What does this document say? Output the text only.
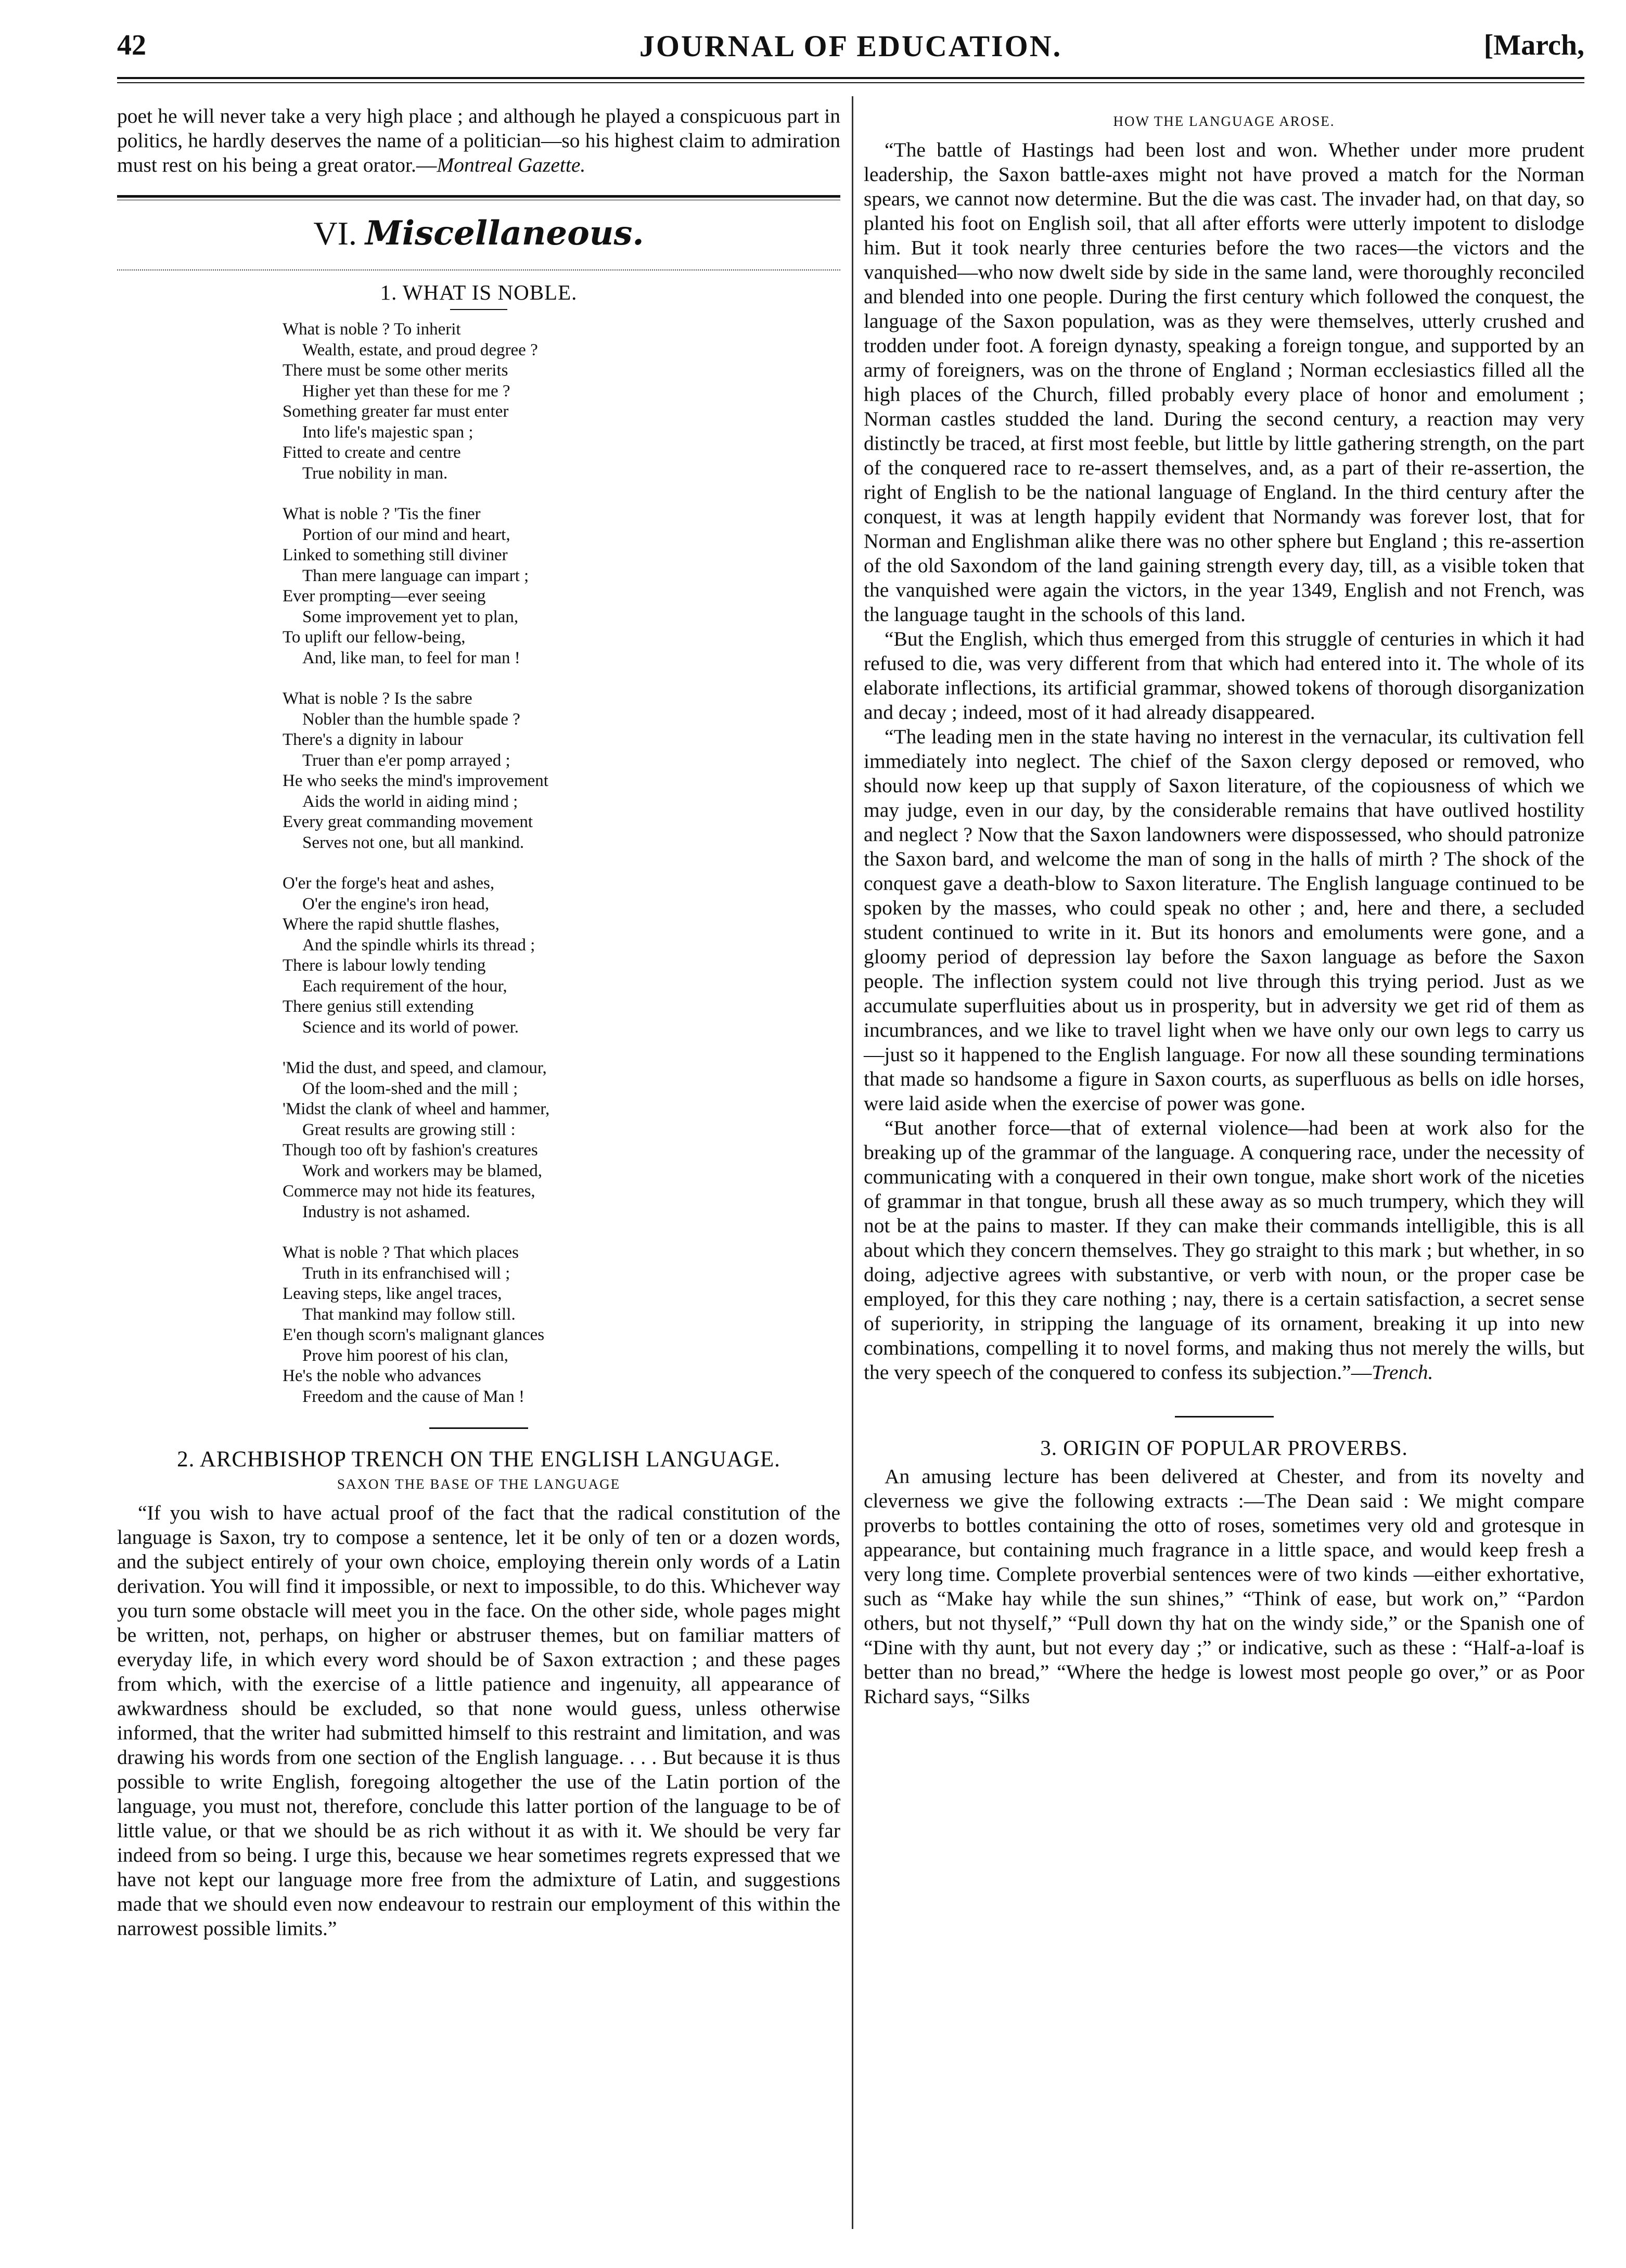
42	JOURNAL OF EDUCATION.	[March,

poet he will never take a very high place ; and although he played a conspicuous part in politics, he hardly deserves the name of a politician—so his highest claim to admiration must rest on his being a great orator.—Montreal Gazette.

VI. Miscellaneous.
1. WHAT IS NOBLE.
What is noble ? To inherit
Wealth, estate, and proud degree ?
There must be some other merits
Higher yet than these for me ?
Something greater far must enter
Into life's majestic span ;
Fitted to create and centre
True nobility in man.
What is noble ? 'Tis the finer
Portion of our mind and heart,
Linked to something still diviner
Than mere language can impart ;
Ever prompting—ever seeing
Some improvement yet to plan,
To uplift our fellow-being,
And, like man, to feel for man !
What is noble ? Is the sabre
Nobler than the humble spade ?
There's a dignity in labour
Truer than e'er pomp arrayed ;
He who seeks the mind's improvement
Aids the world in aiding mind ;
Every great commanding movement
Serves not one, but all mankind.
O'er the forge's heat and ashes,
O'er the engine's iron head,
Where the rapid shuttle flashes,
And the spindle whirls its thread ;
There is labour lowly tending
Each requirement of the hour,
There genius still extending
Science and its world of power.
'Mid the dust, and speed, and clamour,
Of the loom-shed and the mill ;
'Midst the clank of wheel and hammer,
Great results are growing still :
Though too oft by fashion's creatures
Work and workers may be blamed,
Commerce may not hide its features,
Industry is not ashamed.
What is noble ? That which places
Truth in its enfranchised will ;
Leaving steps, like angel traces,
That mankind may follow still.
E'en though scorn's malignant glances
Prove him poorest of his clan,
He's the noble who advances
Freedom and the cause of Man !
2. ARCHBISHOP TRENCH ON THE ENGLISH LANGUAGE.
SAXON THE BASE OF THE LANGUAGE

“If you wish to have actual proof of the fact that the radical constitution of the language is Saxon, try to compose a sentence, let it be only of ten or a dozen words, and the subject entirely of your own choice, employing therein only words of a Latin derivation. You will find it impossible, or next to impossible, to do this. Whichever way you turn some obstacle will meet you in the face. On the other side, whole pages might be written, not, perhaps, on higher or abstruser themes, but on familiar matters of everyday life, in which every word should be of Saxon extraction ; and these pages from which, with the exercise of a little patience and ingenuity, all appearance of awkwardness should be excluded, so that none would guess, unless otherwise informed, that the writer had submitted himself to this restraint and limitation, and was drawing his words from one section of the English language. . . . But because it is thus possible to write English, foregoing altogether the use of the Latin portion of the language, you must not, therefore, conclude this latter portion of the language to be of little value, or that we should be as rich without it as with it. We should be very far indeed from so being. I urge this, because we hear sometimes regrets expressed that we have not kept our language more free from the admixture of Latin, and suggestions made that we should even now endeavour to restrain our employment of this within the narrowest possible limits.”

HOW THE LANGUAGE AROSE.

“The battle of Hastings had been lost and won. Whether under more prudent leadership, the Saxon battle-axes might not have proved a match for the Norman spears, we cannot now determine. But the die was cast. The invader had, on that day, so planted his foot on English soil, that all after efforts were utterly impotent to dislodge him. But it took nearly three centuries before the two races—the victors and the vanquished—who now dwelt side by side in the same land, were thoroughly reconciled and blended into one people. During the first century which followed the conquest, the language of the Saxon population, was as they were themselves, utterly crushed and trodden under foot. A foreign dynasty, speaking a foreign tongue, and supported by an army of foreigners, was on the throne of England ; Norman ecclesiastics filled all the high places of the Church, filled probably every place of honor and emolument ; Norman castles studded the land. During the second century, a reaction may very distinctly be traced, at first most feeble, but little by little gathering strength, on the part of the conquered race to re-assert themselves, and, as a part of their re-assertion, the right of English to be the national language of England. In the third century after the conquest, it was at length happily evident that Normandy was forever lost, that for Norman and Englishman alike there was no other sphere but England ; this re-assertion of the old Saxondom of the land gaining strength every day, till, as a visible token that the vanquished were again the victors, in the year 1349, English and not French, was the language taught in the schools of this land.

“But the English, which thus emerged from this struggle of centuries in which it had refused to die, was very different from that which had entered into it. The whole of its elaborate inflections, its artificial grammar, showed tokens of thorough disorganization and decay ; indeed, most of it had already disappeared.

“The leading men in the state having no interest in the vernacular, its cultivation fell immediately into neglect. The chief of the Saxon clergy deposed or removed, who should now keep up that supply of Saxon literature, of the copiousness of which we may judge, even in our day, by the considerable remains that have outlived hostility and neglect ? Now that the Saxon landowners were dispossessed, who should patronize the Saxon bard, and welcome the man of song in the halls of mirth ? The shock of the conquest gave a death-blow to Saxon literature. The English language continued to be spoken by the masses, who could speak no other ; and, here and there, a secluded student continued to write in it. But its honors and emoluments were gone, and a gloomy period of depression lay before the Saxon language as before the Saxon people. The inflection system could not live through this trying period. Just as we accumulate superfluities about us in prosperity, but in adversity we get rid of them as incumbrances, and we like to travel light when we have only our own legs to carry us—just so it happened to the English language. For now all these sounding terminations that made so handsome a figure in Saxon courts, as superfluous as bells on idle horses, were laid aside when the exercise of power was gone.

“But another force—that of external violence—had been at work also for the breaking up of the grammar of the language. A conquering race, under the necessity of communicating with a conquered in their own tongue, make short work of the niceties of grammar in that tongue, brush all these away as so much trumpery, which they will not be at the pains to master. If they can make their commands intelligible, this is all about which they concern themselves. They go straight to this mark ; but whether, in so doing, adjective agrees with substantive, or verb with noun, or the proper case be employed, for this they care nothing ; nay, there is a certain satisfaction, a secret sense of superiority, in stripping the language of its ornament, breaking it up into new combinations, compelling it to novel forms, and making thus not merely the wills, but the very speech of the conquered to confess its subjection.”—Trench.

3. ORIGIN OF POPULAR PROVERBS.

An amusing lecture has been delivered at Chester, and from its novelty and cleverness we give the following extracts :—The Dean said : We might compare proverbs to bottles containing the otto of roses, sometimes very old and grotesque in appearance, but containing much fragrance in a little space, and would keep fresh a very long time. Complete proverbial sentences were of two kinds —either exhortative, such as “Make hay while the sun shines,” “Think of ease, but work on,” “Pardon others, but not thyself,” “Pull down thy hat on the windy side,” or the Spanish one of “Dine with thy aunt, but not every day ;” or indicative, such as these : “Half-a-loaf is better than no bread,” “Where the hedge is lowest most people go over,” or as Poor Richard says, “Silks
